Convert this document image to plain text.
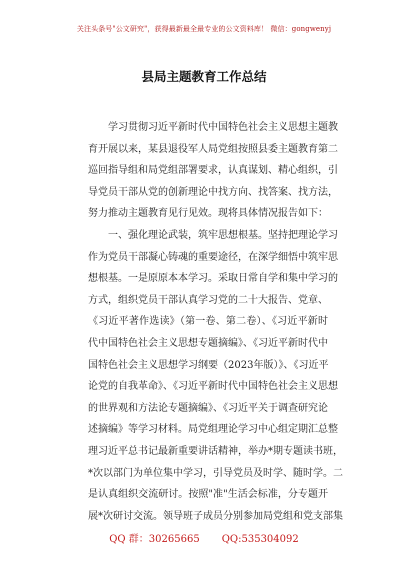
关注头条号"公文研究"，获得最新最全最专业的公文资料库！ 微信：gongwenyj
县局主题教育工作总结
　　学习贯彻习近平新时代中国特色社会主义思想主题教
育开展以来，某县退役军人局党组按照县委主题教育第二
巡回指导组和局党组部署要求，认真谋划、精心组织，引
导党员干部从党的创新理论中找方向、找答案、找方法，
努力推动主题教育见行见效。现将具体情况报告如下：
　　一、强化理论武装，筑牢思想根基。坚持把理论学习
作为党员干部凝心铸魂的重要途径，在深学细悟中筑牢思
想根基。一是原原本本学习。采取日常自学和集中学习的
方式，组织党员干部认真学习党的二十大报告、党章、
《习近平著作选读》（第一卷、第二卷）、《习近平新时
代中国特色社会主义思想专题摘编》、《习近平新时代中
国特色社会主义思想学习纲要（2023年版）》、《习近平
论党的自我革命》、《习近平新时代中国特色社会主义思想
的世界观和方法论专题摘编》、《习近平关于调查研究论
述摘编》等学习材料。局党组理论学习中心组定期汇总整
理习近平总书记最新重要讲话精神，举办*期专题读书班，
*次以部门为单位集中学习，引导党员及时学、随时学。二
是认真组织交流研讨。按照"准"生活会标准，分专题开
展*次研讨交流。领导班子成员分别参加局党组和党支部集
QQ 群：30265665 QQ:535304092
